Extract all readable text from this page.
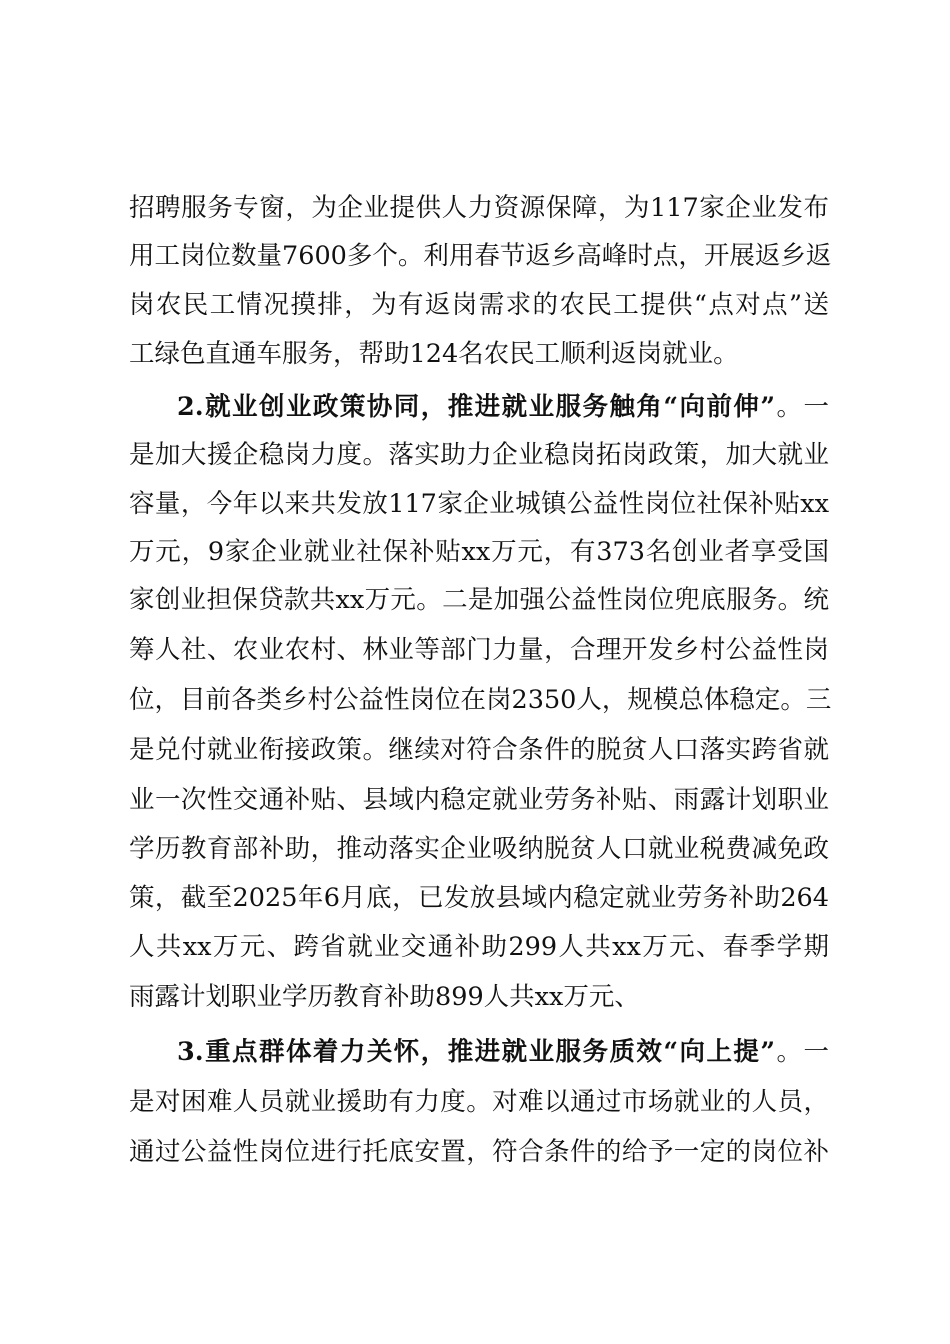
招聘服务专窗，为企业提供人力资源保障，为117家企业发布
用工岗位数量7600多个。利用春节返乡高峰时点，开展返乡返
岗农民工情况摸排，为有返岗需求的农民工提供“点对点”送
工绿色直通车服务，帮助124名农民工顺利返岗就业。
2.就业创业政策协同，推进就业服务触角“向前伸”。一
是加大援企稳岗力度。落实助力企业稳岗拓岗政策，加大就业
容量，今年以来共发放117家企业城镇公益性岗位社保补贴xx
万元，9家企业就业社保补贴xx万元，有373名创业者享受国
家创业担保贷款共xx万元。二是加强公益性岗位兜底服务。统
筹人社、农业农村、林业等部门力量，合理开发乡村公益性岗
位，目前各类乡村公益性岗位在岗2350人，规模总体稳定。三
是兑付就业衔接政策。继续对符合条件的脱贫人口落实跨省就
业一次性交通补贴、县域内稳定就业劳务补贴、雨露计划职业
学历教育部补助，推动落实企业吸纳脱贫人口就业税费减免政
策，截至2025年6月底，已发放县域内稳定就业劳务补助264
人共xx万元、跨省就业交通补助299人共xx万元、春季学期
雨露计划职业学历教育补助899人共xx万元、
3.重点群体着力关怀，推进就业服务质效“向上提”。一
是对困难人员就业援助有力度。对难以通过市场就业的人员，
通过公益性岗位进行托底安置，符合条件的给予一定的岗位补
